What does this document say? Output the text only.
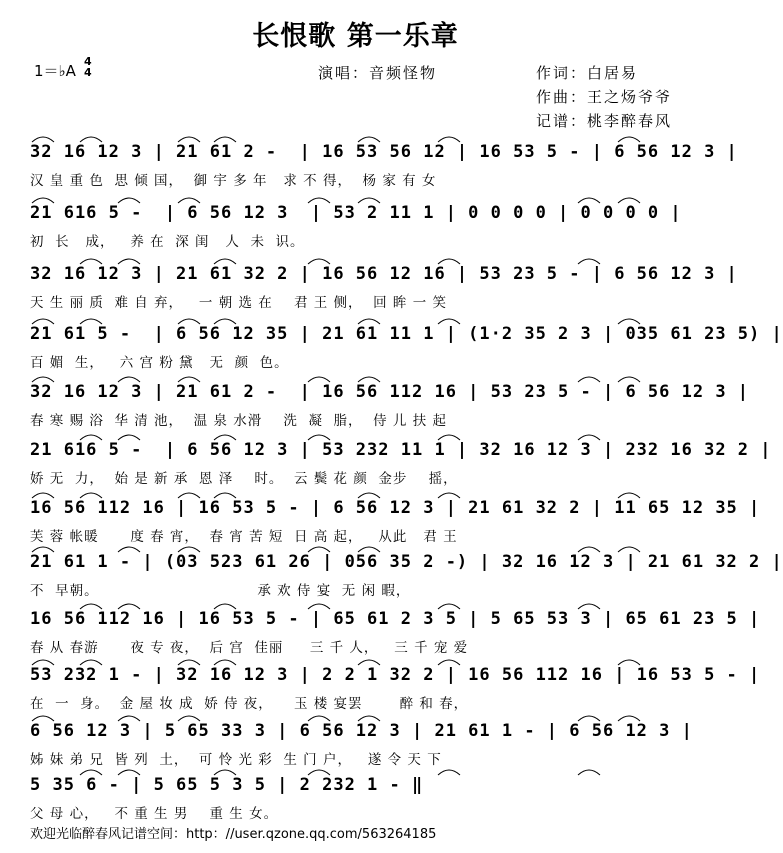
长恨歌 第一乐章
1＝♭A
4
4	演唱：音频怪物	作词：白居易
作曲：王之炀爷爷
记谱：桃李醉春风
32 16 12 3 | 21 61 2 -  | 16 53 56 12 | 16 53 5 - | 6 56 12 3 |
汉 皇 重 色  思 倾 国，  御 宇 多 年   求 不 得，  杨 家 有 女
21 616 5 -  | 6 56 12 3  | 53 2 11 1 | 0 0 0 0 | 0 0 0 0 |
初  长   成，   养 在  深 闺   人  未  识。
32 16 12 3 | 21 61 32 2 | 16 56 12 16 | 53 23 5 - | 6 56 12 3 |
天 生 丽 质  难 自 弃，   一 朝 选 在    君 王 侧，  回 眸 一 笑
21 61 5 -  | 6 56 12 35 | 21 61 11 1 | (1·2 35 2 3 | 035 61 23 5) |
百 媚  生，   六 宫 粉 黛   无  颜  色。
32 16 12 3 | 21 61 2 -  | 16 56 112 16 | 53 23 5 - | 6 56 12 3 |
春 寒 赐 浴  华 清 池，  温 泉 水滑    洗  凝  脂，  侍 儿 扶 起
21 616 5 -  | 6 56 12 3 | 53 232 11 1 | 32 16 12 3 | 232 16 32 2 |
娇 无  力，  始 是 新 承  恩 泽    时。  云 鬓 花 颜  金步    摇，
16 56 112 16 | 16 53 5 - | 6 56 12 3 | 21 61 32 2 | 11 65 12 35 |
芙 蓉 帐暖      度 春 宵，  春 宵 苦 短  日 高 起，   从此   君 王
21 61 1 - | (03 523 61 26 | 056 35 2 -) | 32 16 12 3 | 21 61 32 2 |
不  早朝。                              承 欢 侍 宴  无 闲 暇，
16 56 112 16 | 16 53 5 - | 65 61 2 3 5 | 5 65 53 3 | 65 61 23 5 |
春 从 春游      夜 专 夜，  后 宫  佳丽     三 千 人，   三 千 宠 爱
53 232 1 - | 32 16 12 3 | 2 2 1 32 2 | 16 56 112 16 | 16 53 5 - |
在  一  身。  金 屋 妆 成  娇 侍 夜，    玉 楼 宴罢       醉 和 春，
6 56 12 3 | 5 65 33 3 | 6 56 12 3 | 21 61 1 - | 6 56 12 3 |
姊 妹 弟 兄  皆 列  土，  可 怜 光 彩  生 门 户，   遂 令 天 下
5 35 6 - | 5 65 5 3 5 | 2 232 1 - ‖
父 母 心，   不 重 生 男    重 生 女。
欢迎光临醉春风记谱空间：http：//user.qzone.qq.com/563264185
